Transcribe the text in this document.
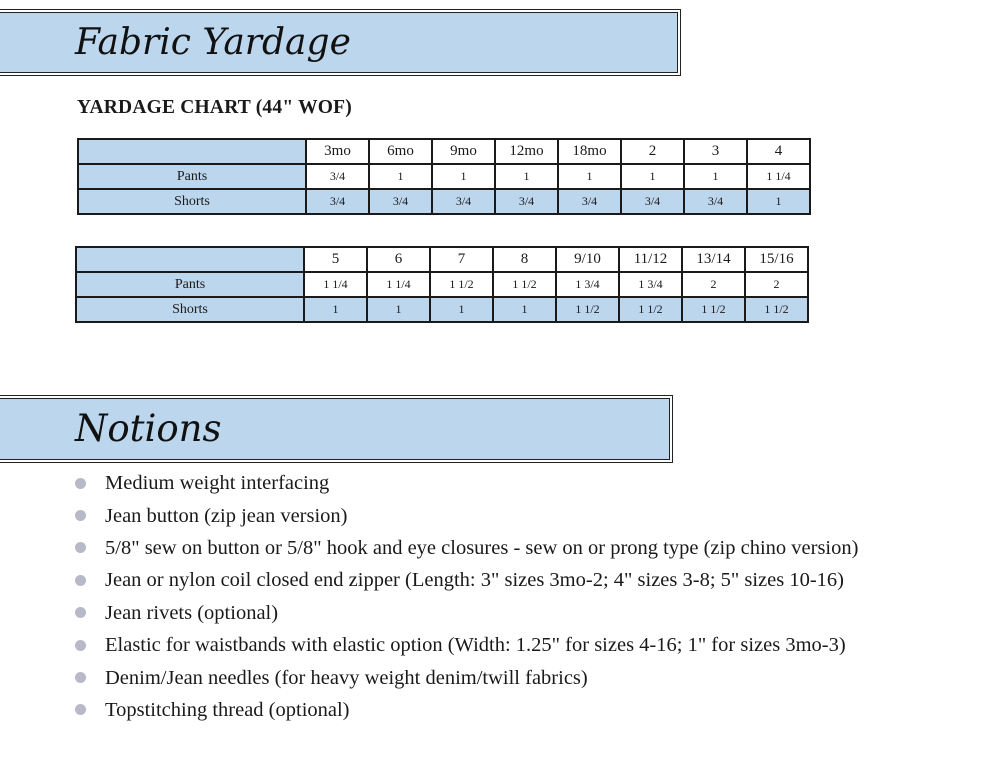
Fabric Yardage
YARDAGE CHART (44" WOF)
	3mo	6mo	9mo	12mo	18mo	2	3	4
Pants	3/4	1	1	1	1	1	1	1 1/4
Shorts	3/4	3/4	3/4	3/4	3/4	3/4	3/4	1
	5	6	7	8	9/10	11/12	13/14	15/16
Pants	1 1/4	1 1/4	1 1/2	1 1/2	1 3/4	1 3/4	2	2
Shorts	1	1	1	1	1 1/2	1 1/2	1 1/2	1 1/2
Notions
Medium weight interfacing
Jean button (zip jean version)
5/8" sew on button or 5/8" hook and eye closures - sew on or prong type (zip chino version)
Jean or nylon coil closed end zipper (Length: 3" sizes 3mo-2; 4" sizes 3-8; 5" sizes 10-16)
Jean rivets (optional)
Elastic for waistbands with elastic option (Width: 1.25" for sizes 4-16; 1" for sizes 3mo-3)
Denim/Jean needles (for heavy weight denim/twill fabrics)
Topstitching thread (optional)
